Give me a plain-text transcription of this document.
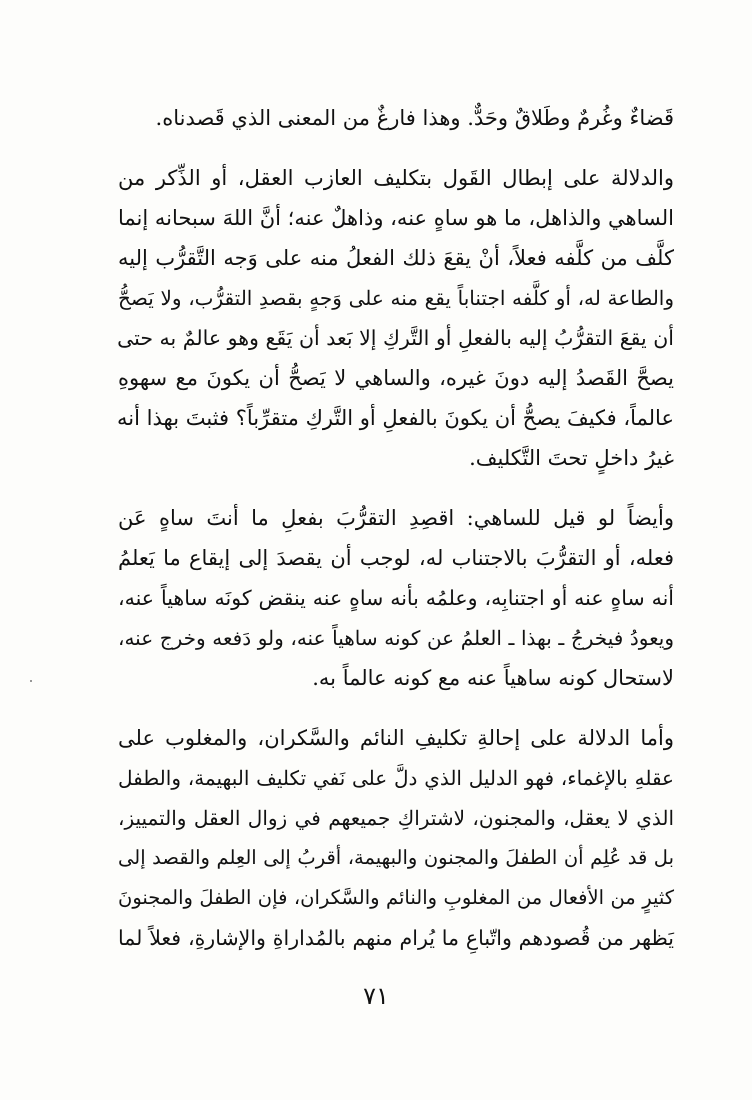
قَضاءٌ وغُرمٌ وطَلاقٌ وحَدٌّ. وهذا فارغٌ من المعنى الذي قَصدناه.
والدلالة على إبطال القَول بتكليف العازب العقل، أو الذِّكر من
الساهي والذاهل، ما هو ساهٍ عنه، وذاهلٌ عنه؛ أنَّ اللهَ سبحانه إنما
كلَّف من كلَّفه فعلاً، أنْ يقعَ ذلك الفعلُ منه على وَجه التَّقرُّب إليه
والطاعة له، أو كلَّفه اجتناباً يقع منه على وَجهٍ بقصدِ التقرُّب، ولا يَصحُّ
أن يقعَ التقرُّبُ إليه بالفعلِ أو التَّركِ إلا بَعد أن يَقَع وهو عالمٌ به حتى
يصحَّ القَصدُ إليه دونَ غيره، والساهي لا يَصحُّ أن يكونَ مع سهوهِ
عالماً، فكيفَ يصحُّ أن يكونَ بالفعلِ أو التَّركِ متقرِّباً؟ فثبتَ بهذا أنه
غيرُ داخلٍ تحتَ التَّكليف.
وأيضاً لو قيل للساهي: اقصِدِ التقرُّبَ بفعلِ ما أنتَ ساهٍ عَن
فعله، أو التقرُّبَ بالاجتناب له، لوجب أن يقصدَ إلى إيقاع ما يَعلمُ
أنه ساهٍ عنه أو اجتنابِه، وعلمُه بأنه ساهٍ عنه ينقض كونَه ساهياً عنه،
ويعودُ فيخرجُ ـ بهذا ـ العلمُ عن كونه ساهياً عنه، ولو دَفعه وخرج عنه،
لاستحال كونه ساهياً عنه مع كونه عالماً به.
وأما الدلالة على إحالةِ تكليفِ النائم والسَّكران، والمغلوب على
عقلهِ بالإغماء، فهو الدليل الذي دلَّ على نَفي تكليف البهيمة، والطفل
الذي لا يعقل، والمجنون، لاشتراكِ جميعهم في زوال العقل والتمييز،
بل قد عُلِم أن الطفلَ والمجنون والبهيمة، أقربُ إلى العِلم والقصد إلى
كثيرٍ من الأفعال من المغلوبِ والنائم والسَّكران، فإن الطفلَ والمجنونَ
يَظهر من قُصودهم واتّباعِ ما يُرام منهم بالمُداراةِ والإشارةِ، فعلاً لما
٧١
